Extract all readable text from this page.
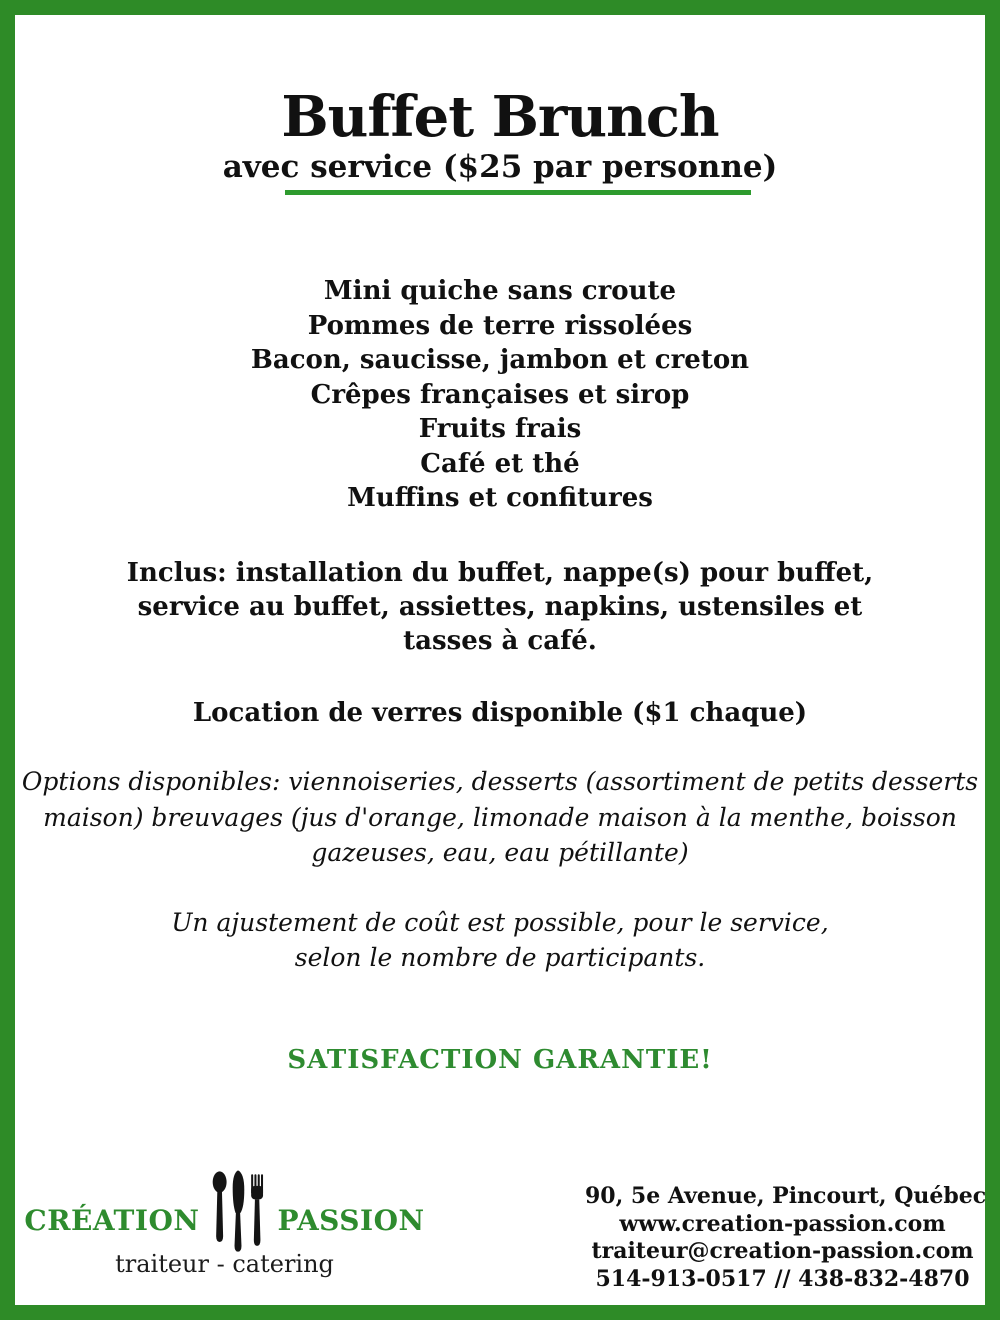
Buffet Brunch
avec service ($25 par personne)
Mini quiche sans croute
Pommes de terre rissolées
Bacon, saucisse, jambon et creton
Crêpes françaises et sirop
Fruits frais
Café et thé
Muffins et confitures
Inclus: installation du buffet, nappe(s) pour buffet,
service au buffet, assiettes, napkins, ustensiles et
tasses à café.
Location de verres disponible ($1 chaque)
Options disponibles: viennoiseries, desserts (assortiment de petits desserts
maison) breuvages (jus d'orange, limonade maison à la menthe, boisson
gazeuses, eau, eau pétillante)
Un ajustement de coût est possible, pour le service,
selon le nombre de participants.
SATISFACTION GARANTIE!
CRÉATION	PASSION
traiteur - catering
90, 5e Avenue, Pincourt, Québec
www.creation-passion.com
traiteur@creation-passion.com
514-913-0517 // 438-832-4870
